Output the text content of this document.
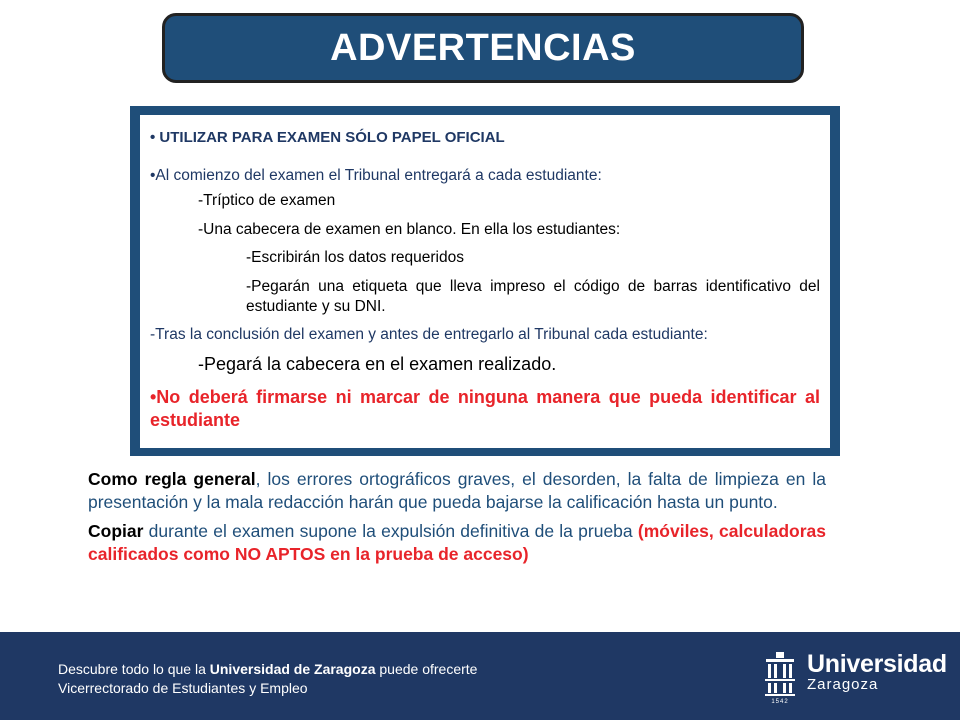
ADVERTENCIAS

• UTILIZAR PARA EXAMEN SÓLO PAPEL OFICIAL

•Al comienzo del examen el Tribunal entregará a cada estudiante:

-Tríptico de examen

-Una cabecera de examen en blanco. En ella los estudiantes:

-Escribirán los datos requeridos

-Pegarán una etiqueta que lleva impreso el código de barras identificativo del estudiante y su DNI.

-Tras la conclusión del examen y antes de entregarlo al Tribunal cada estudiante:

-Pegará la cabecera en el examen realizado.

•No deberá firmarse ni marcar de ninguna manera que pueda identificar al estudiante

Como regla general, los errores ortográficos graves, el desorden, la falta de limpieza en la presentación y la mala redacción harán que pueda bajarse la calificación hasta un punto.

Copiar durante el examen supone la expulsión definitiva de la prueba (móviles, calculadoras calificados como NO APTOS en la prueba de acceso)

Descubre todo lo que la Universidad de Zaragoza puede ofrecerte
Vicerrectorado de Estudiantes y Empleo
1542
Universidad
Zaragoza
